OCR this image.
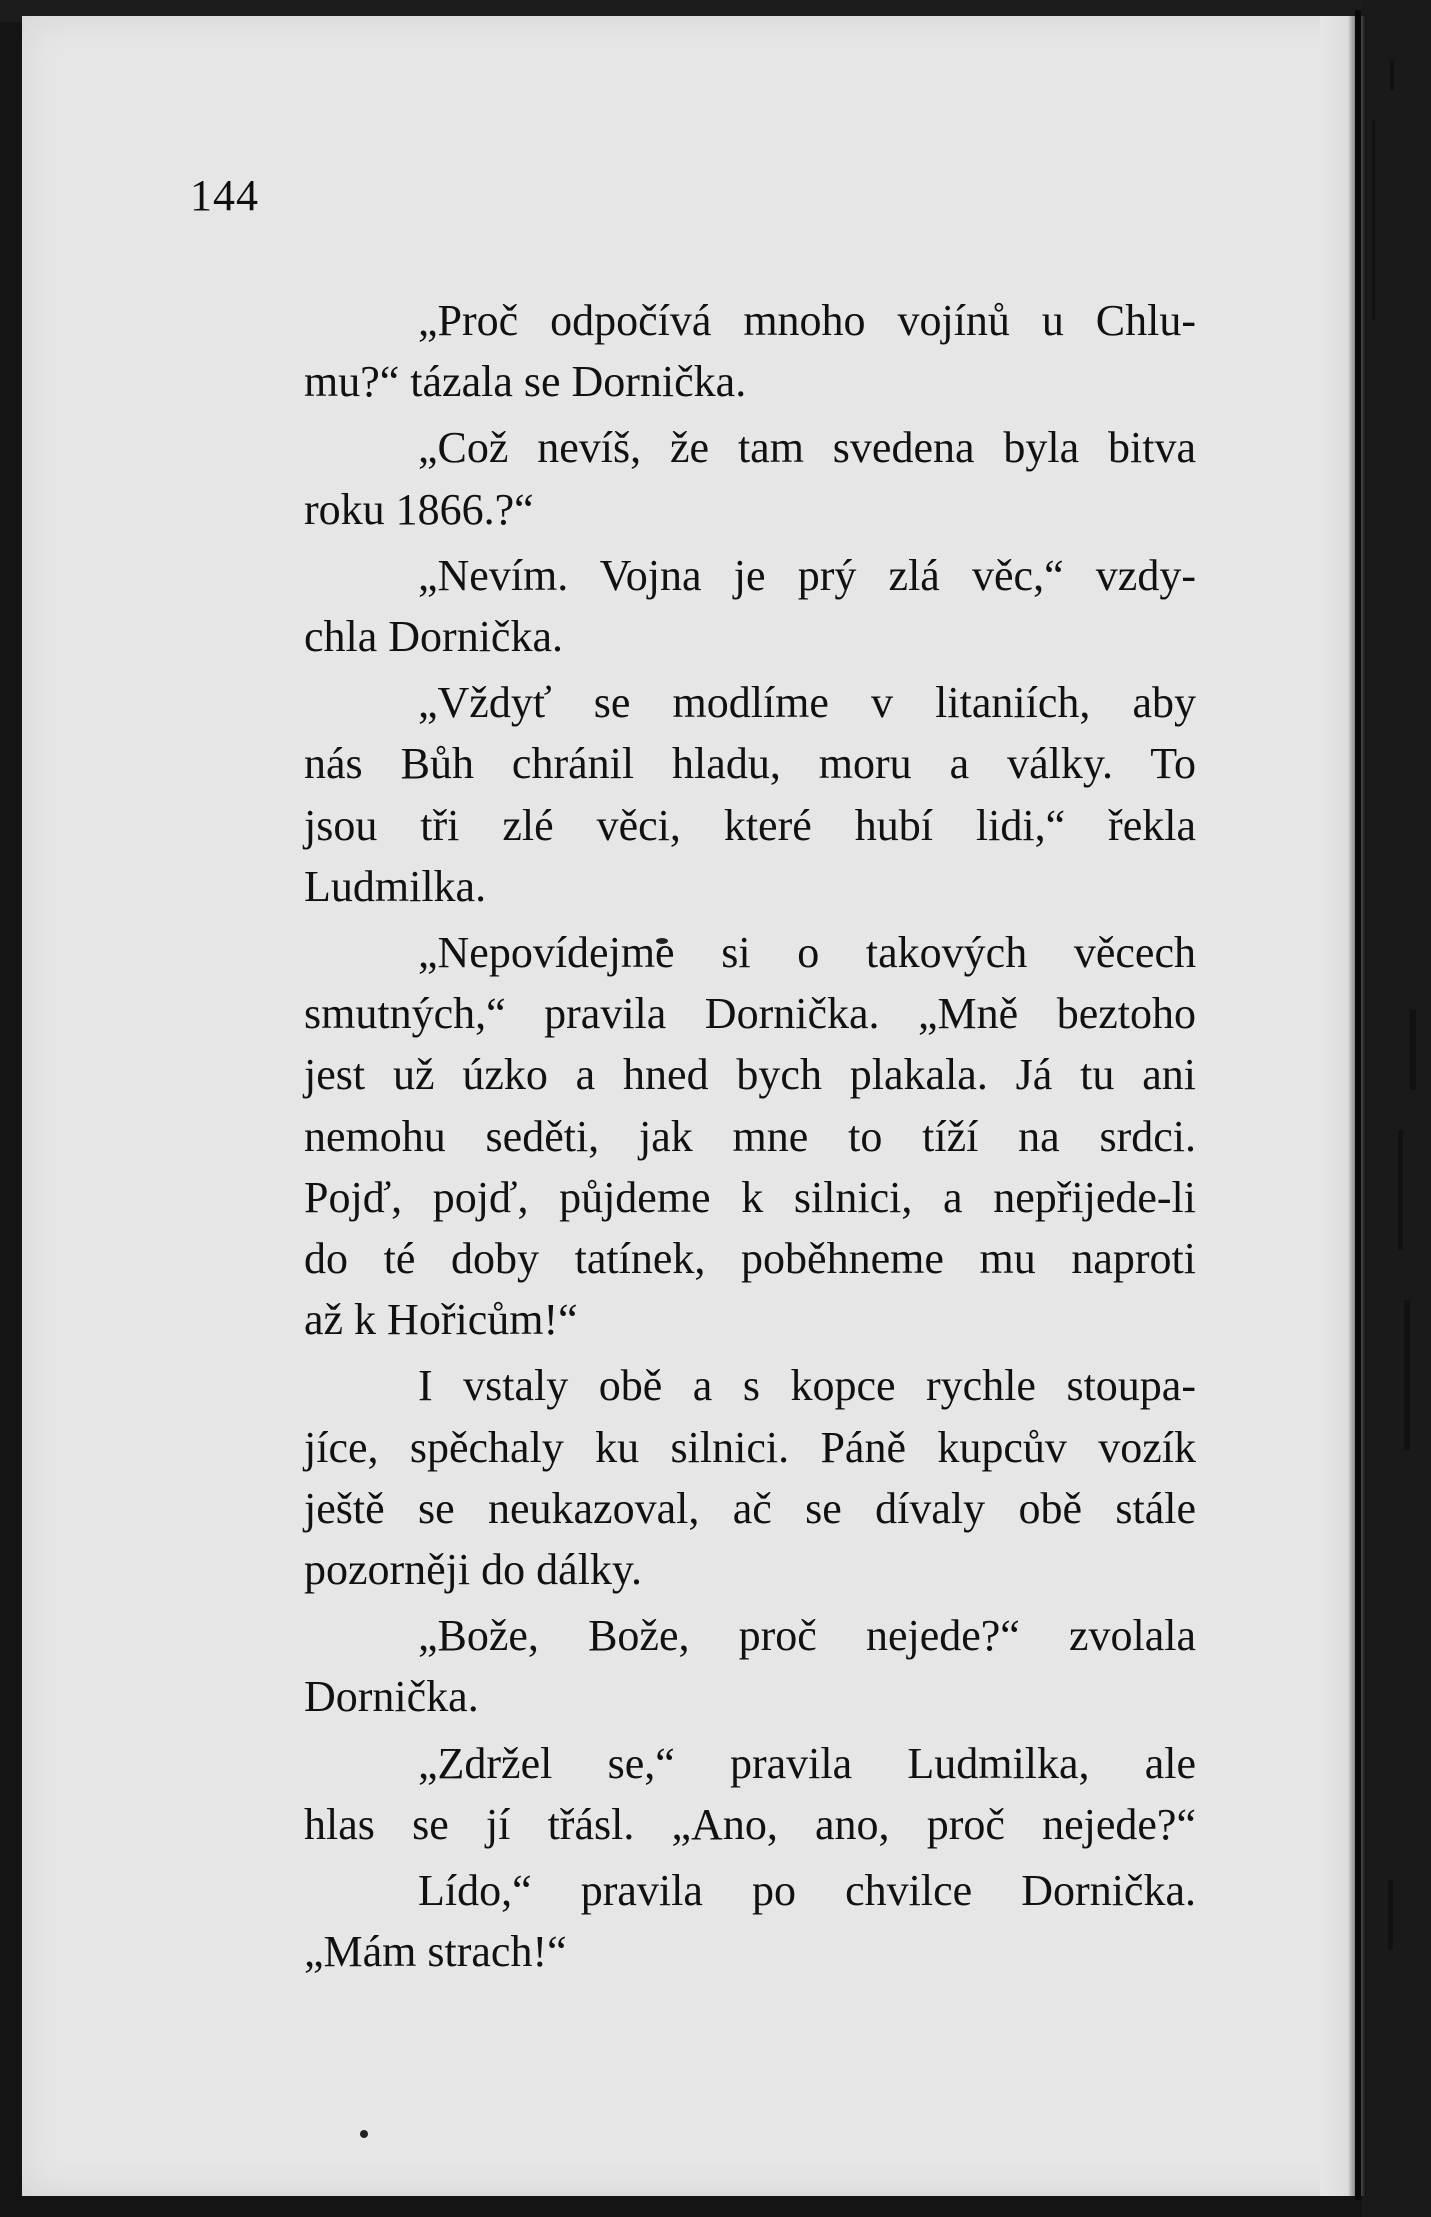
144
„Proč odpočívá mnoho vojínů u Chlu-
mu?“ tázala se Dornička.
„Což nevíš, že tam svedena byla bitva
roku 1866.?“
„Nevím. Vojna je prý zlá věc,“ vzdy-
chla Dornička.
„Vždyť se modlíme v litaniích, aby
nás Bůh chránil hladu, moru a války. To
jsou tři zlé věci, které hubí lidi,“ řekla
Ludmilka.
„Nepovídejme si o takových věcech
smutných,“ pravila Dornička. „Mně beztoho
jest už úzko a hned bych plakala. Já tu ani
nemohu seděti, jak mne to tíží na srdci.
Pojď, pojď, půjdeme k silnici, a nepřijede-li
do té doby tatínek, poběhneme mu naproti
až k Hořicům!“
I vstaly obě a s kopce rychle stoupa-
jíce, spěchaly ku silnici. Páně kupcův vozík
ještě se neukazoval, ač se dívaly obě stále
pozorněji do dálky.
„Bože, Bože, proč nejede?“ zvolala
Dornička.
„Zdržel se,“ pravila Ludmilka, ale
hlas se jí třásl. „Ano, ano, proč nejede?“
Lído,“ pravila po chvilce Dornička.
„Mám strach!“
